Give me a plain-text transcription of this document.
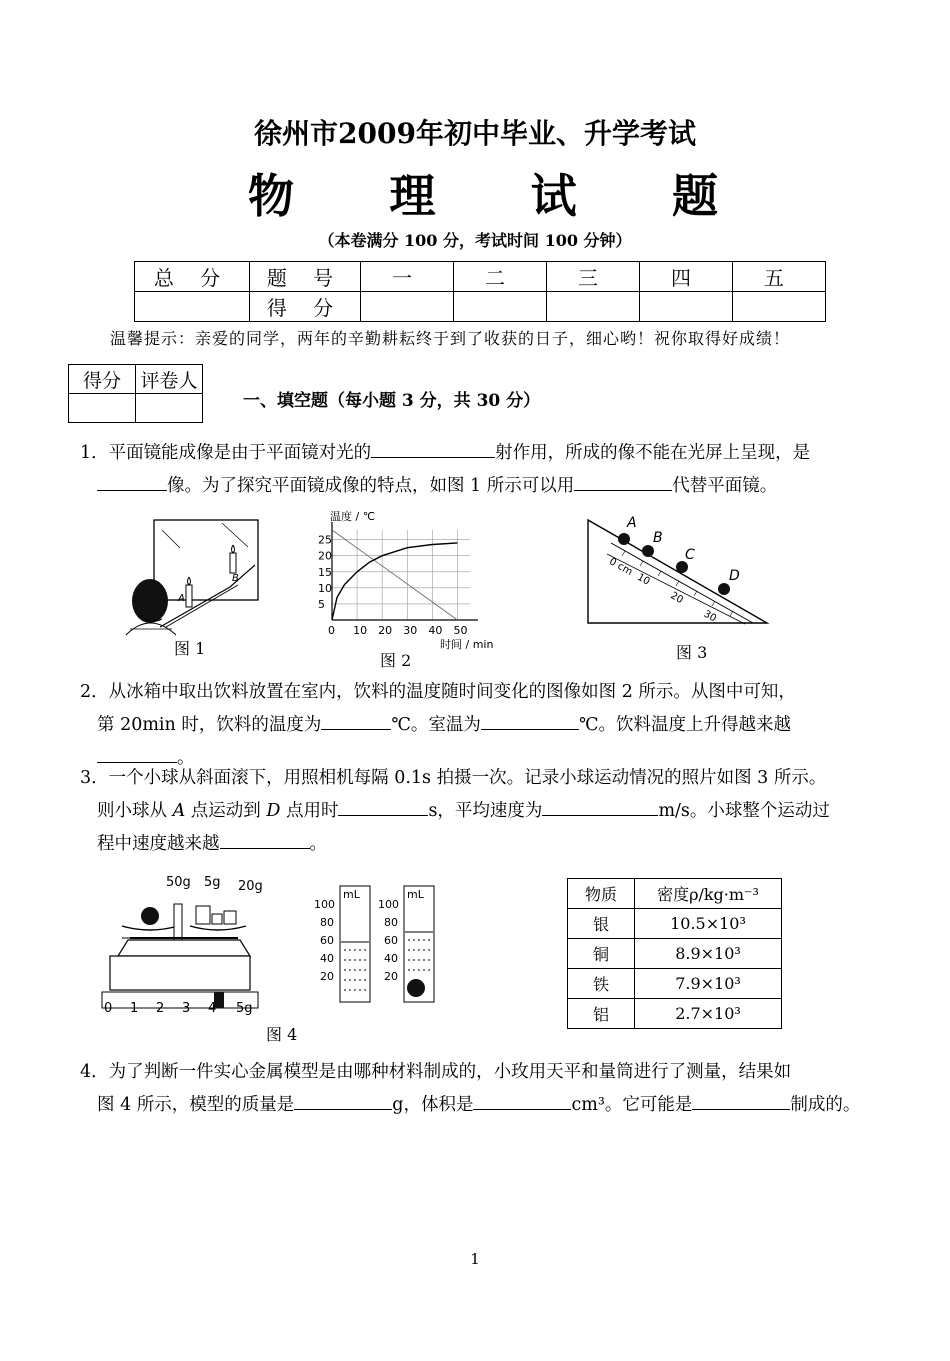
徐州市2009年初中毕业、升学考试
物 理 试 题
（本卷满分 100 分，考试时间 100 分钟）
总 分	题 号	一	二	三	四	五
	得 分					
温馨提示：亲爱的同学，两年的辛勤耕耘终于到了收获的日子，细心哟！祝你取得好成绩！
得分	评卷人

一、填空题（每小题 3 分，共 30 分）
1．平面镜能成像是由于平面镜对光的	射作用，所成的像不能在光屏上呈现，是
像。为了探究平面镜成像的特点，如图 1 所示可以用	代替平面镜。
A
B
图 1
0 10 20 30 40 50
5
10
15
20
25
温度 / ℃
时间 / min
图 2
A
B
C
D
0 cm
10
20
30
图 3
2．从冰箱中取出饮料放置在室内，饮料的温度随时间变化的图像如图 2 所示。从图中可知，
第 20min 时，饮料的温度为	℃。室温为	℃。饮料温度上升得越来越
。
3．一个小球从斜面滚下，用照相机每隔 0.1s 拍摄一次。记录小球运动情况的照片如图 3 所示。
则小球从 A 点运动到 D 点用时	s，平均速度为	m/s。小球整个运动过
程中速度越来越	。
50g 5g 20g
0 1 2 3 4 5g
mL
100
80
60
40
20
mL
100
80
60
40
20
图 4
物质	密度ρ/kg·m⁻³
银	10.5×10³
铜	8.9×10³
铁	7.9×10³
铝	2.7×10³
4．为了判断一件实心金属模型是由哪种材料制成的，小玫用天平和量筒进行了测量，结果如
图 4 所示，模型的质量是	g，体积是	cm³。它可能是	制成的。
1
